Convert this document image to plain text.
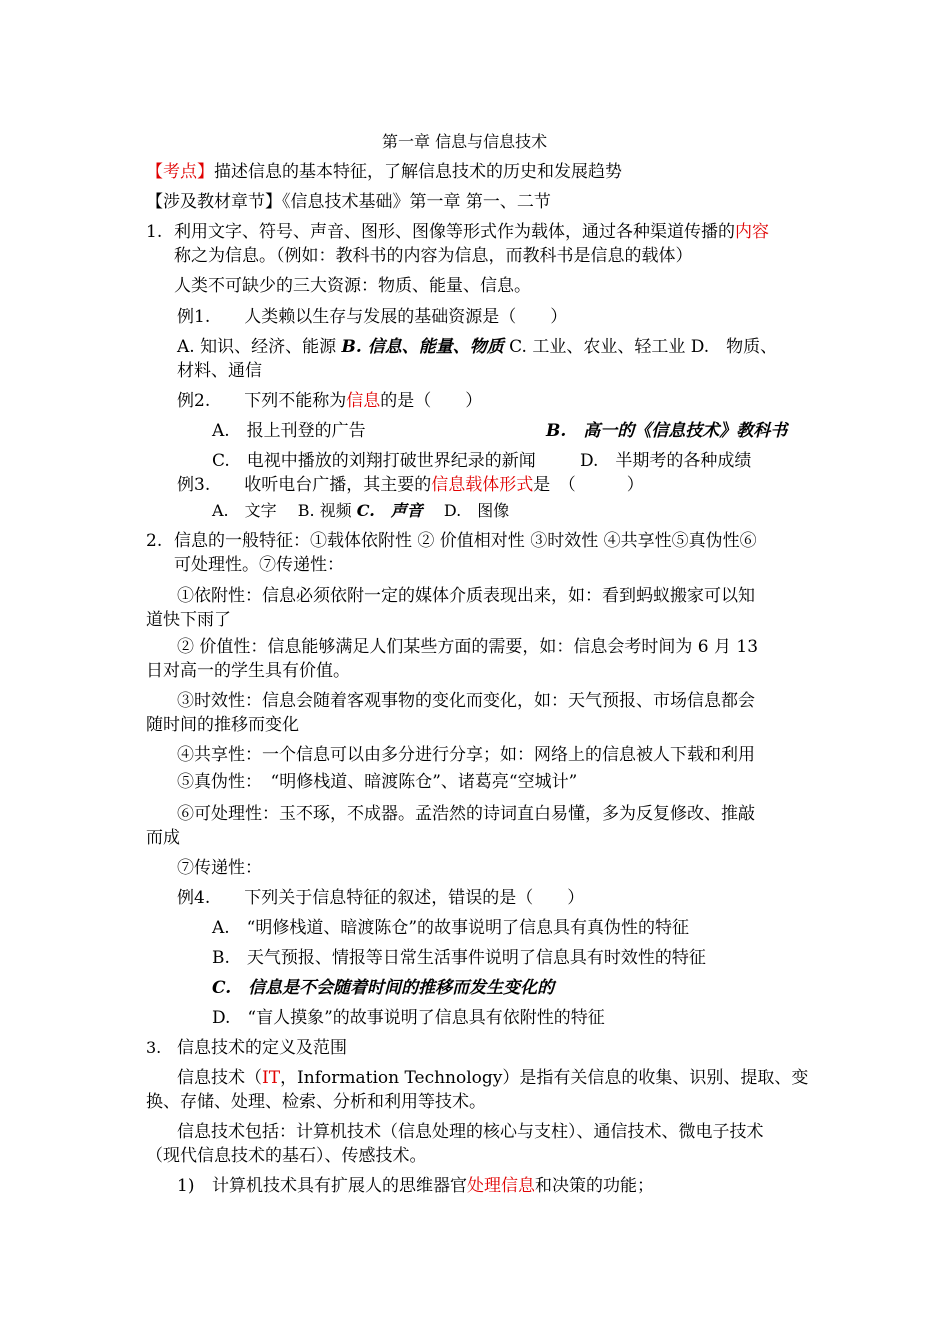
第一章 信息与信息技术
【考点】描述信息的基本特征，了解信息技术的历史和发展趋势
【涉及教材章节】《信息技术基础》第一章 第一、二节
1. 利用文字、符号、声音、图形、图像等形式作为载体，通过各种渠道传播的内容
称之为信息。（例如：教科书的内容为信息，而教科书是信息的载体）
人类不可缺少的三大资源：物质、能量、信息。
例1.　　人类赖以生存与发展的基础资源是（　　）
A. 知识、经济、能源 B. 信息、能量、物质 C. 工业、农业、轻工业 D.　物质、
材料、通信
例2.　　下列不能称为信息的是（　　）
A.　报上刊登的广告	B.　高一的《信息技术》教科书
C.　电视中播放的刘翔打破世界纪录的新闻	D.　半期考的各种成绩
例3.　　收听电台广播，其主要的信息载体形式是　（　　　）
A.　文字　 B. 视频 C.　声音　 D.　图像
2. 信息的一般特征：①载体依附性 ② 价值相对性 ③时效性 ④共享性⑤真伪性⑥
可处理性。⑦传递性：
①依附性：信息必须依附一定的媒体介质表现出来，如：看到蚂蚁搬家可以知
道快下雨了
② 价值性：信息能够满足人们某些方面的需要，如：信息会考时间为 6 月 13
日对高一的学生具有价值。
③时效性：信息会随着客观事物的变化而变化，如：天气预报、市场信息都会
随时间的推移而变化
④共享性：一个信息可以由多分进行分享；如：网络上的信息被人下载和利用
⑤真伪性：　“明修栈道、暗渡陈仓”、诸葛亮“空城计”
⑥可处理性：玉不琢，不成器。孟浩然的诗词直白易懂，多为反复修改、推敲
而成
⑦传递性：
例4.　　下列关于信息特征的叙述，错误的是（　　）
A.　“明修栈道、暗渡陈仓”的故事说明了信息具有真伪性的特征
B.　天气预报、情报等日常生活事件说明了信息具有时效性的特征
C.　信息是不会随着时间的推移而发生变化的
D.　“盲人摸象”的故事说明了信息具有依附性的特征
3. 信息技术的定义及范围
信息技术（IT，Information Technology）是指有关信息的收集、识别、提取、变
换、存储、处理、检索、分析和利用等技术。
信息技术包括：计算机技术（信息处理的核心与支柱）、通信技术、微电子技术
（现代信息技术的基石）、传感技术。
1) 计算机技术具有扩展人的思维器官处理信息和决策的功能；
